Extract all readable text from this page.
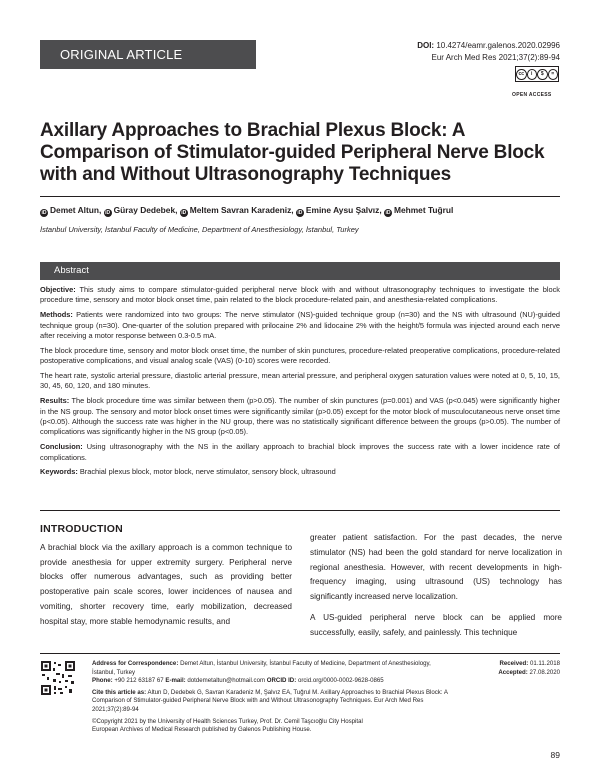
ORIGINAL ARTICLE
DOI: 10.4274/eamr.galenos.2020.02996
Eur Arch Med Res 2021;37(2):89-94
cc	i	$	=
OPEN ACCESS
Axillary Approaches to Brachial Plexus Block: A Comparison of Stimulator-guided Peripheral Nerve Block with and Without Ultrasonography Techniques
iD Demet Altun, iD Güray Dedebek, iD Meltem Savran Karadeniz, iD Emine Aysu Şalvız, iD Mehmet Tuğrul
İstanbul University, İstanbul Faculty of Medicine, Department of Anesthesiology, İstanbul, Turkey
Abstract

Objective: This study aims to compare stimulator-guided peripheral nerve block with and without ultrasonography techniques to investigate the block procedure time, sensory and motor block onset time, pain related to the block procedure-related pain, and anesthesia-related complications.

Methods: Patients were randomized into two groups: The nerve stimulator (NS)-guided technique group (n=30) and the NS with ultrasound (NU)-guided technique group (n=30). One-quarter of the solution prepared with prilocaine 2% and lidocaine 2% with the height/5 formula was injected around each nerve after receiving a motor response between 0.3-0.5 mA.

The block procedure time, sensory and motor block onset time, the number of skin punctures, procedure-related preoperative complications, procedure-related postoperative complications, and visual analog scale (VAS) (0-10) scores were recorded.

The heart rate, systolic arterial pressure, diastolic arterial pressure, mean arterial pressure, and peripheral oxygen saturation values were noted at 0, 5, 10, 15, 30, 45, 60, 120, and 180 minutes.

Results: The block procedure time was similar between them (p>0.05). The number of skin punctures (p=0.001) and VAS (p<0.045) were significantly higher in the NS group. The sensory and motor block onset times were significantly similar (p>0.05) except for the motor block of musculocutaneous nerve onset time (p<0.05). Although the success rate was higher in the NU group, there was no statistically significant difference between the groups (p>0.05). The number of complications was significantly higher in the NS group (p<0.05).

Conclusion: Using ultrasonography with the NS in the axillary approach to brachial block improves the success rate with a lower incidence rate of complications.

Keywords: Brachial plexus block, motor block, nerve stimulator, sensory block, ultrasound

INTRODUCTION

A brachial block via the axillary approach is a common technique to provide anesthesia for upper extremity surgery. Peripheral nerve blocks offer numerous advantages, such as providing better postoperative pain scale scores, lower incidences of nausea and vomiting, shorter recovery time, early mobilization, decreased hospital stay, more stable hemodynamic results, and

greater patient satisfaction. For the past decades, the nerve stimulator (NS) had been the gold standard for nerve localization in regional anesthesia. However, with recent developments in high-frequency imaging, using ultrasound (US) technology has significantly increased nerve localization.

A US-guided peripheral nerve block can be applied more successfully, easily, safely, and painlessly. This technique

Address for Correspondence: Demet Altun, İstanbul University, İstanbul Faculty of Medicine, Department of Anesthesiology, İstanbul, Turkey
Phone: +90 212 63187 67 E-mail: dotdemetaltun@hotmail.com ORCID ID: orcid.org/0000-0002-9628-0865

Cite this article as: Altun D, Dedebek G, Savran Karadeniz M, Şalvız EA, Tuğrul M. Axillary Approaches to Brachial Plexus Block: A Comparison of Stimulator-guided Peripheral Nerve Block with and Without Ultrasonography Techniques. Eur Arch Med Res 2021;37(2):89-94

©Copyright 2021 by the University of Health Sciences Turkey, Prof. Dr. Cemil Taşcıoğlu City Hospital
European Archives of Medical Research published by Galenos Publishing House.

Received: 01.11.2018
Accepted: 27.08.2020
89
